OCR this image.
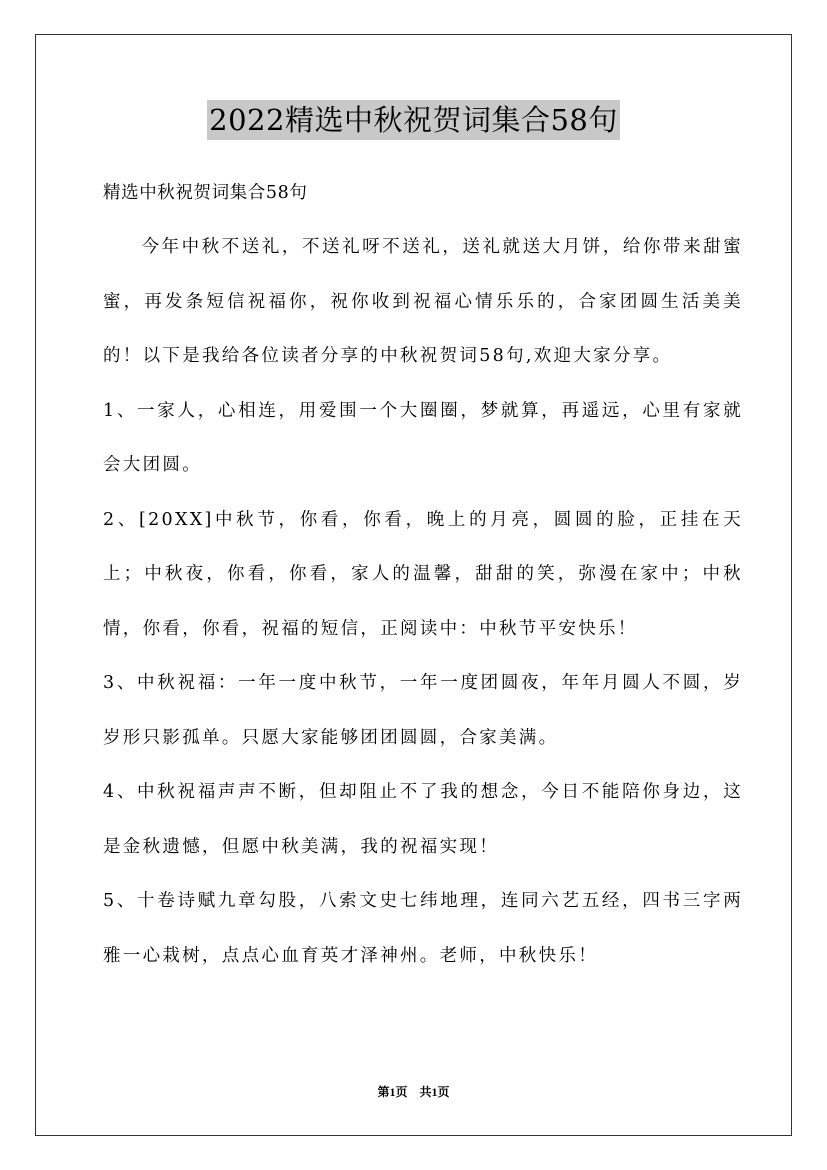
2022精选中秋祝贺词集合58句

精选中秋祝贺词集合58句

今年中秋不送礼，不送礼呀不送礼，送礼就送大月饼，给你带来甜蜜蜜，再发条短信祝福你，祝你收到祝福心情乐乐的，合家团圆生活美美的！以下是我给各位读者分享的中秋祝贺词58句,欢迎大家分享。

1、一家人，心相连，用爱围一个大圈圈，梦就算，再遥远，心里有家就会大团圆。

2、[20XX]中秋节，你看，你看，晚上的月亮，圆圆的脸，正挂在天上；中秋夜，你看，你看，家人的温馨，甜甜的笑，弥漫在家中；中秋情，你看，你看，祝福的短信，正阅读中：中秋节平安快乐！

3、中秋祝福：一年一度中秋节，一年一度团圆夜，年年月圆人不圆，岁岁形只影孤单。只愿大家能够团团圆圆，合家美满。

4、中秋祝福声声不断，但却阻止不了我的想念，今日不能陪你身边，这是金秋遗憾，但愿中秋美满，我的祝福实现！

5、十卷诗赋九章勾股，八索文史七纬地理，连同六艺五经，四书三字两雅一心栽树，点点心血育英才泽神州。老师，中秋快乐！

第1页　共1页
